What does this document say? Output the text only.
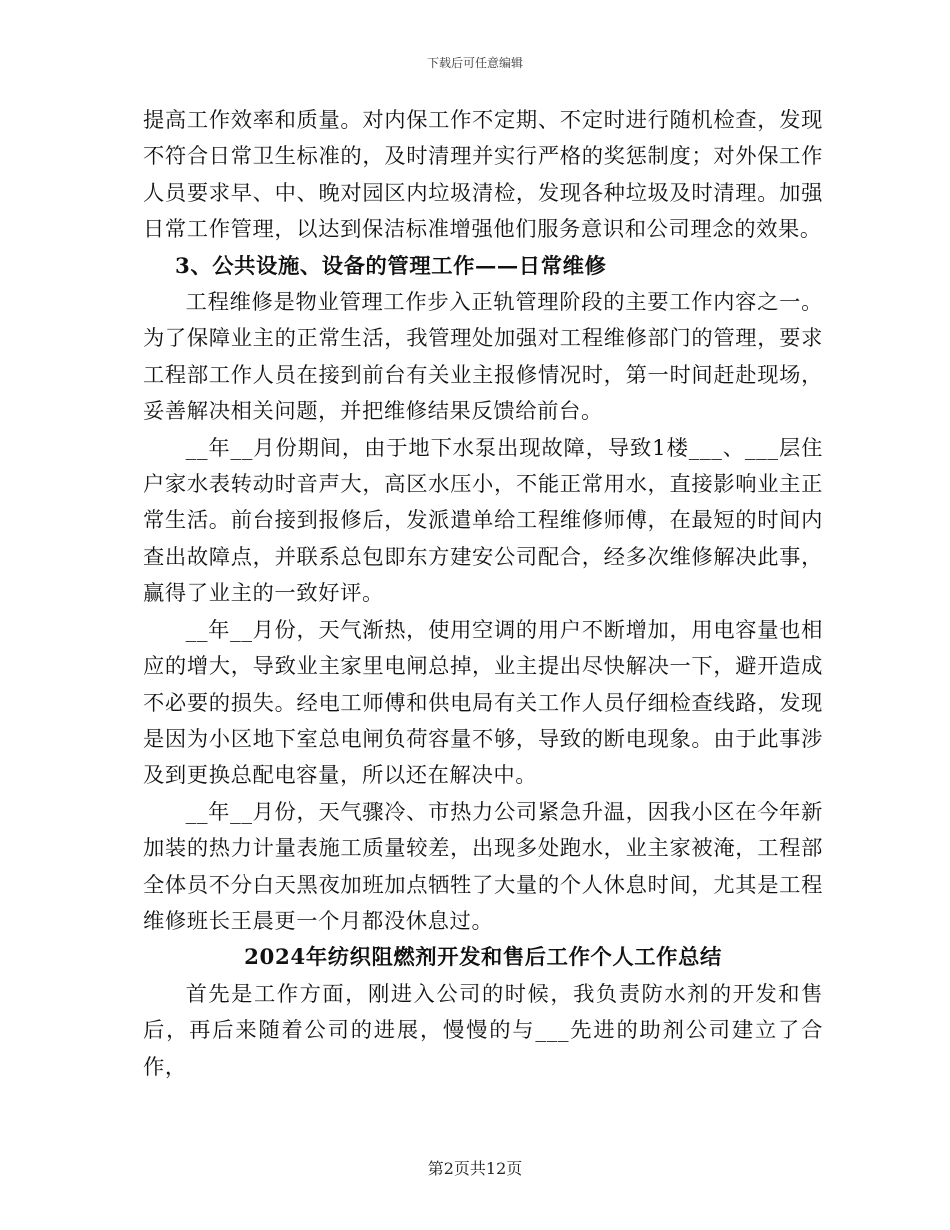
下载后可任意编辑

提高工作效率和质量。对内保工作不定期、不定时进行随机检查，发现不符合日常卫生标准的，及时清理并实行严格的奖惩制度；对外保工作人员要求早、中、晚对园区内垃圾清检，发现各种垃圾及时清理。加强日常工作管理，以达到保洁标准增强他们服务意识和公司理念的效果。

3、公共设施、设备的管理工作——日常维修

工程维修是物业管理工作步入正轨管理阶段的主要工作内容之一。为了保障业主的正常生活，我管理处加强对工程维修部门的管理，要求工程部工作人员在接到前台有关业主报修情况时，第一时间赶赴现场，妥善解决相关问题，并把维修结果反馈给前台。

__年__月份期间，由于地下水泵出现故障，导致1楼___、___层住户家水表转动时音声大，高区水压小，不能正常用水，直接影响业主正常生活。前台接到报修后，发派遣单给工程维修师傅，在最短的时间内查出故障点，并联系总包即东方建安公司配合，经多次维修解决此事，赢得了业主的一致好评。

__年__月份，天气渐热，使用空调的用户不断增加，用电容量也相应的增大，导致业主家里电闸总掉，业主提出尽快解决一下，避开造成不必要的损失。经电工师傅和供电局有关工作人员仔细检查线路，发现是因为小区地下室总电闸负荷容量不够，导致的断电现象。由于此事涉及到更换总配电容量，所以还在解决中。

__年__月份，天气骤冷、市热力公司紧急升温，因我小区在今年新加装的热力计量表施工质量较差，出现多处跑水，业主家被淹，工程部全体员不分白天黑夜加班加点牺牲了大量的个人休息时间，尤其是工程维修班长王晨更一个月都没休息过。

2024年纺织阻燃剂开发和售后工作个人工作总结

首先是工作方面，刚进入公司的时候，我负责防水剂的开发和售后，再后来随着公司的进展，慢慢的与___先进的助剂公司建立了合作，

第2页共12页
